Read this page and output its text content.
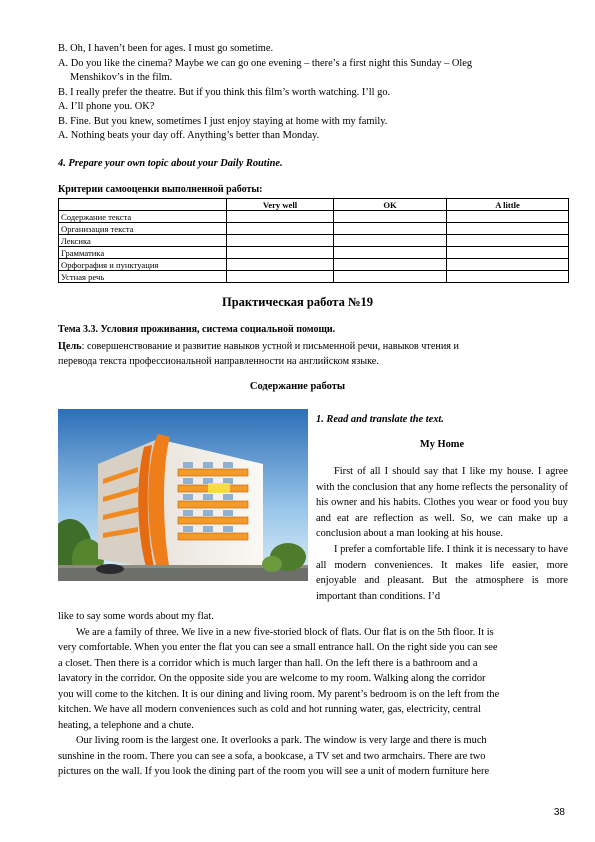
B. Oh, I haven’t been for ages. I must go sometime.
A. Do you like the cinema? Maybe we can go one evening – there’s a first night this Sunday – Oleg
Menshikov’s in the film.
B. I really prefer the theatre. But if you think this film’s worth watching. I’ll go.
A. I’ll phone you. OK?
B. Fine. But you knew, sometimes I just enjoy staying at home with my family.
A. Nothing beats your day off. Anything’s better than Monday.
4. Prepare your own topic about your Daily Routine.
Критерии самооценки выполненной работы:
	Very well	OK	A little
Содержание текста			
Организация текста			
Лексика			
Грамматика			
Орфография и пунктуация			
Устная речь			
Практическая работа №19
Тема 3.3. Условия проживания, система социальной помощи.
Цель: совершенствование и развитие навыков устной и письменной речи, навыков чтения и
перевода текста профессиональной направленности на английском языке.
Содержание работы
1. Read and translate the text.
My Home
First of all I should say that I like my house. I agree with the conclusion that any home reflects the personality of his owner and his habits. Clothes you wear or food you buy and eat are reflection as well. So, we can make up a conclusion about a man looking at his house.
I prefer a comfortable life. I think it is necessary to have all modern conveniences. It makes life easier, more enjoyable and pleasant. But the atmosphere is more important than conditions. I’d
like to say some words about my flat.
We are a family of three. We live in a new five-storied block of flats. Our flat is on the 5th floor. It is
very comfortable. When you enter the flat you can see a small entrance hall. On the right side you can see
a closet. Then there is a corridor which is much larger than hall. On the left there is a bathroom and a
lavatory in the corridor. On the opposite side you are welcome to my room. Walking along the corridor
you will come to the kitchen. It is our dining and living room. My parent’s bedroom is on the left from the
kitchen. We have all modern conveniences such as cold and hot running water, gas, electricity, central
heating, a telephone and a chute.
Our living room is the largest one. It overlooks a park. The window is very large and there is much
sunshine in the room. There you can see a sofa, a bookcase, a TV set and two armchairs. There are two
pictures on the wall. If you look the dining part of the room you will see a unit of modern furniture here
38
